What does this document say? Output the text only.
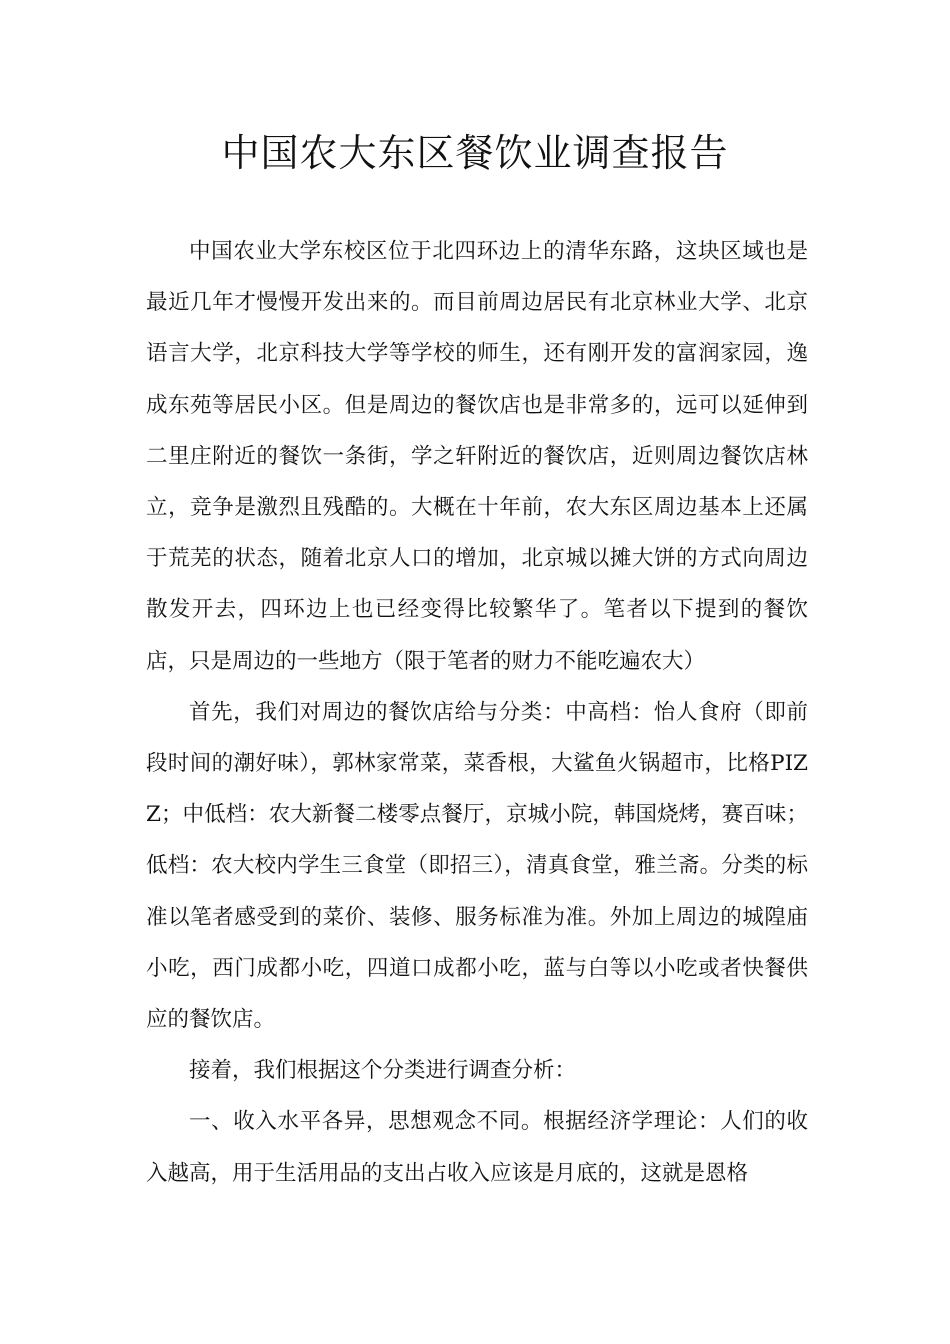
中国农大东区餐饮业调查报告

中国农业大学东校区位于北四环边上的清华东路，这块区域也是最近几年才慢慢开发出来的。而目前周边居民有北京林业大学、北京语言大学，北京科技大学等学校的师生，还有刚开发的富润家园，逸成东苑等居民小区。但是周边的餐饮店也是非常多的，远可以延伸到二里庄附近的餐饮一条街，学之轩附近的餐饮店，近则周边餐饮店林立，竞争是激烈且残酷的。大概在十年前，农大东区周边基本上还属于荒芜的状态，随着北京人口的增加，北京城以摊大饼的方式向周边散发开去，四环边上也已经变得比较繁华了。笔者以下提到的餐饮店，只是周边的一些地方（限于笔者的财力不能吃遍农大）

首先，我们对周边的餐饮店给与分类：中高档：怡人食府（即前段时间的潮好味），郭林家常菜，菜香根，大鲨鱼火锅超市，比格PIZZ；中低档：农大新餐二楼零点餐厅，京城小院，韩国烧烤，赛百味；低档：农大校内学生三食堂（即招三），清真食堂，雅兰斋。分类的标准以笔者感受到的菜价、装修、服务标准为准。外加上周边的城隍庙小吃，西门成都小吃，四道口成都小吃，蓝与白等以小吃或者快餐供应的餐饮店。

接着，我们根据这个分类进行调查分析：

一、收入水平各异，思想观念不同。根据经济学理论：人们的收入越高，用于生活用品的支出占收入应该是月底的，这就是恩格
